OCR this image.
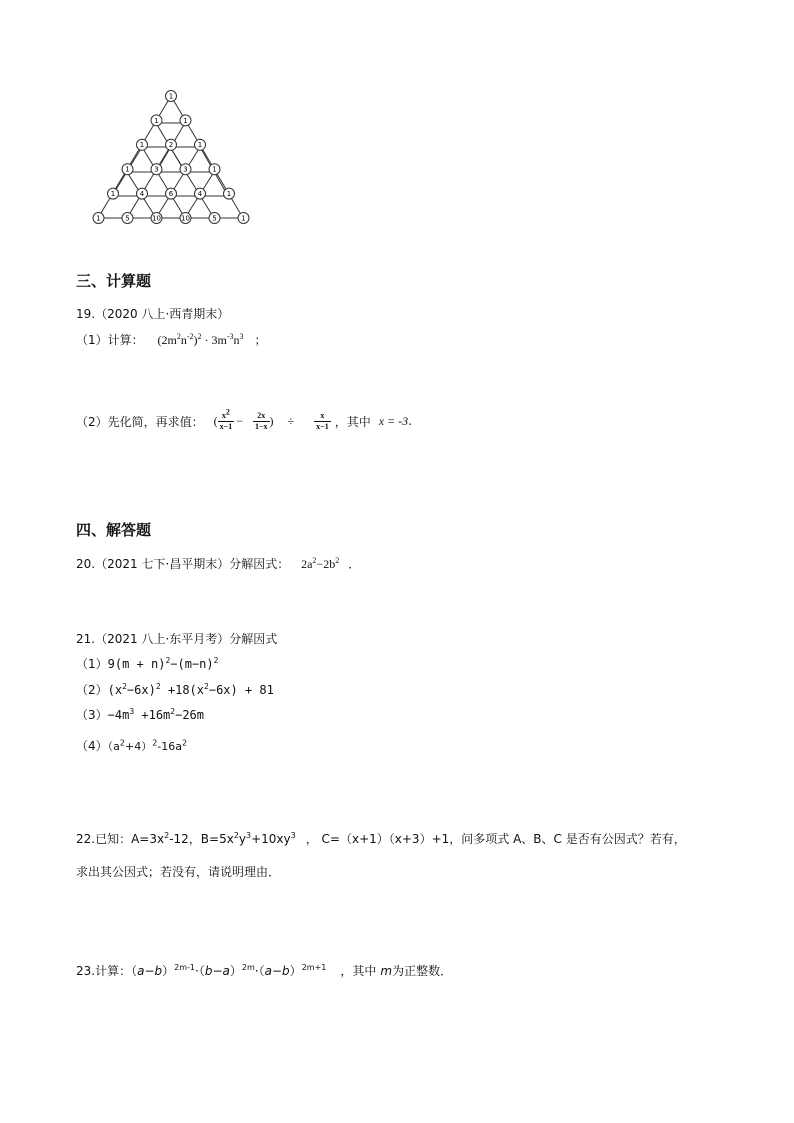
1
1	1
1	2	1
1	3	3	1
1	4	6	4	1
1	5	10	10	5	1
三、计算题
19.（2020 八上·西青期末）
（1）计算： $(2m^2n^{-2})^2 \cdot 3m^{-3}n^3$ ；
（2）先化简，再求值： ( $\frac{x^2}{x-1} - \frac{2x}{1-x}$ ) ÷	$\frac{x}{x-1}$ ，其中 x = -3 .
四、解答题
20.（2021 七下·昌平期末）分解因式： $2a^2-2b^2$ ．
21.（2021 八上·东平月考）分解因式
$(1)9(m + n)^2-(m-n)^2$
$(2)(x^2-6x)^2 +18(x^2-6x) + 81$
$(3)-4m^3 +16m^2-26m$
$(4)(a^2+4)^2-16a^2$
22.已知：$A=3x^2-12$，$B=5x^2y^3+10xy^3$ ， C=（x+1）（x+3）+1，问多项式 A、B、C 是否有公因式？若有，
求出其公因式；若没有，请说明理由．
23.计算：$(a-b)^{2m-1}\cdot(b-a)^{2m}\cdot(a-b)^{2m+1}$ ，其中 m为正整数．
